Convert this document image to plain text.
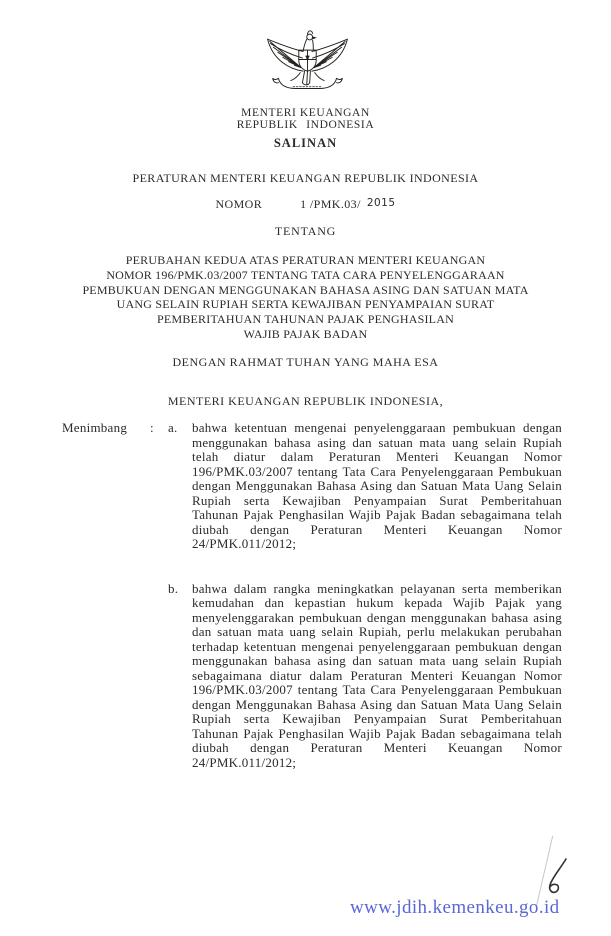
MENTERI KEUANGAN
REPUBLIK INDONESIA
SALINAN
PERATURAN MENTERI KEUANGAN REPUBLIK INDONESIA
NOMOR	1 /PMK.03/ 2015
TENTANG
PERUBAHAN KEDUA ATAS PERATURAN MENTERI KEUANGAN
NOMOR 196/PMK.03/2007 TENTANG TATA CARA PENYELENGGARAAN
PEMBUKUAN DENGAN MENGGUNAKAN BAHASA ASING DAN SATUAN MATA
UANG SELAIN RUPIAH SERTA KEWAJIBAN PENYAMPAIAN SURAT
PEMBERITAHUAN TAHUNAN PAJAK PENGHASILAN
WAJIB PAJAK BADAN
DENGAN RAHMAT TUHAN YANG MAHA ESA
MENTERI KEUANGAN REPUBLIK INDONESIA,
Menimbang	:	a.	bahwa ketentuan mengenai penyelenggaraan pembukuan dengan menggunakan bahasa asing dan satuan mata uang selain Rupiah telah diatur dalam Peraturan Menteri Keuangan Nomor 196/PMK.03/2007 tentang Tata Cara Penyelenggaraan Pembukuan dengan Menggunakan Bahasa Asing dan Satuan Mata Uang Selain Rupiah serta Kewajiban Penyampaian Surat Pemberitahuan Tahunan Pajak Penghasilan Wajib Pajak Badan sebagaimana telah diubah dengan Peraturan Menteri Keuangan Nomor 24/PMK.011/2012;

b.	bahwa dalam rangka meningkatkan pelayanan serta memberikan kemudahan dan kepastian hukum kepada Wajib Pajak yang menyelenggarakan pembukuan dengan menggunakan bahasa asing dan satuan mata uang selain Rupiah, perlu melakukan perubahan terhadap ketentuan mengenai penyelenggaraan pembukuan dengan menggunakan bahasa asing dan satuan mata uang selain Rupiah sebagaimana diatur dalam Peraturan Menteri Keuangan Nomor 196/PMK.03/2007 tentang Tata Cara Penyelenggaraan Pembukuan dengan Menggunakan Bahasa Asing dan Satuan Mata Uang Selain Rupiah serta Kewajiban Penyampaian Surat Pemberitahuan Tahunan Pajak Penghasilan Wajib Pajak Badan sebagaimana telah diubah dengan Peraturan Menteri Keuangan Nomor 24/PMK.011/2012;

www.jdih.kemenkeu.go.id
